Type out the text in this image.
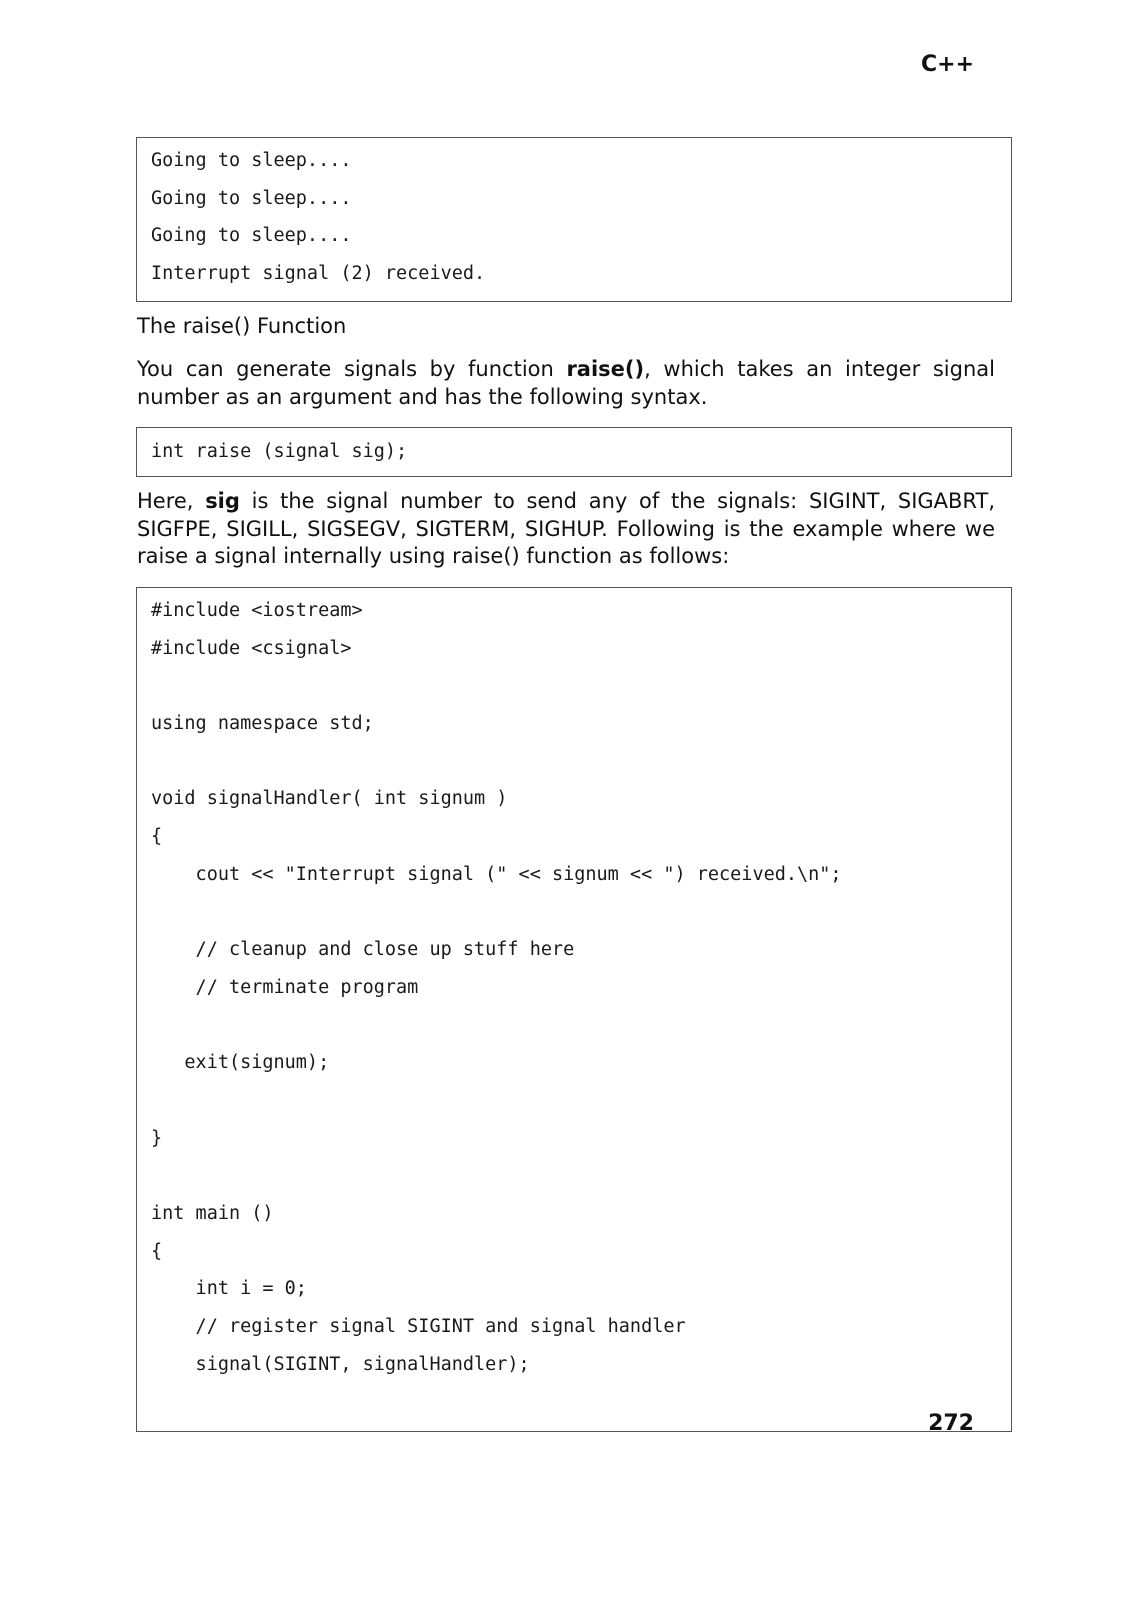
C++
Going to sleep....
Going to sleep....
Going to sleep....
Interrupt signal (2) received.
The raise() Function
You can generate signals by function raise(), which takes an integer signal number as an argument and has the following syntax.
int raise (signal sig);
Here, sig is the signal number to send any of the signals: SIGINT, SIGABRT, SIGFPE, SIGILL, SIGSEGV, SIGTERM, SIGHUP. Following is the example where we raise a signal internally using raise() function as follows:
#include <iostream>
#include <csignal>
using namespace std;
void signalHandler( int signum )
{
cout << "Interrupt signal (" << signum << ") received.\n";
// cleanup and close up stuff here
// terminate program
exit(signum);
}
int main ()
{
int i = 0;
// register signal SIGINT and signal handler
signal(SIGINT, signalHandler);
272
